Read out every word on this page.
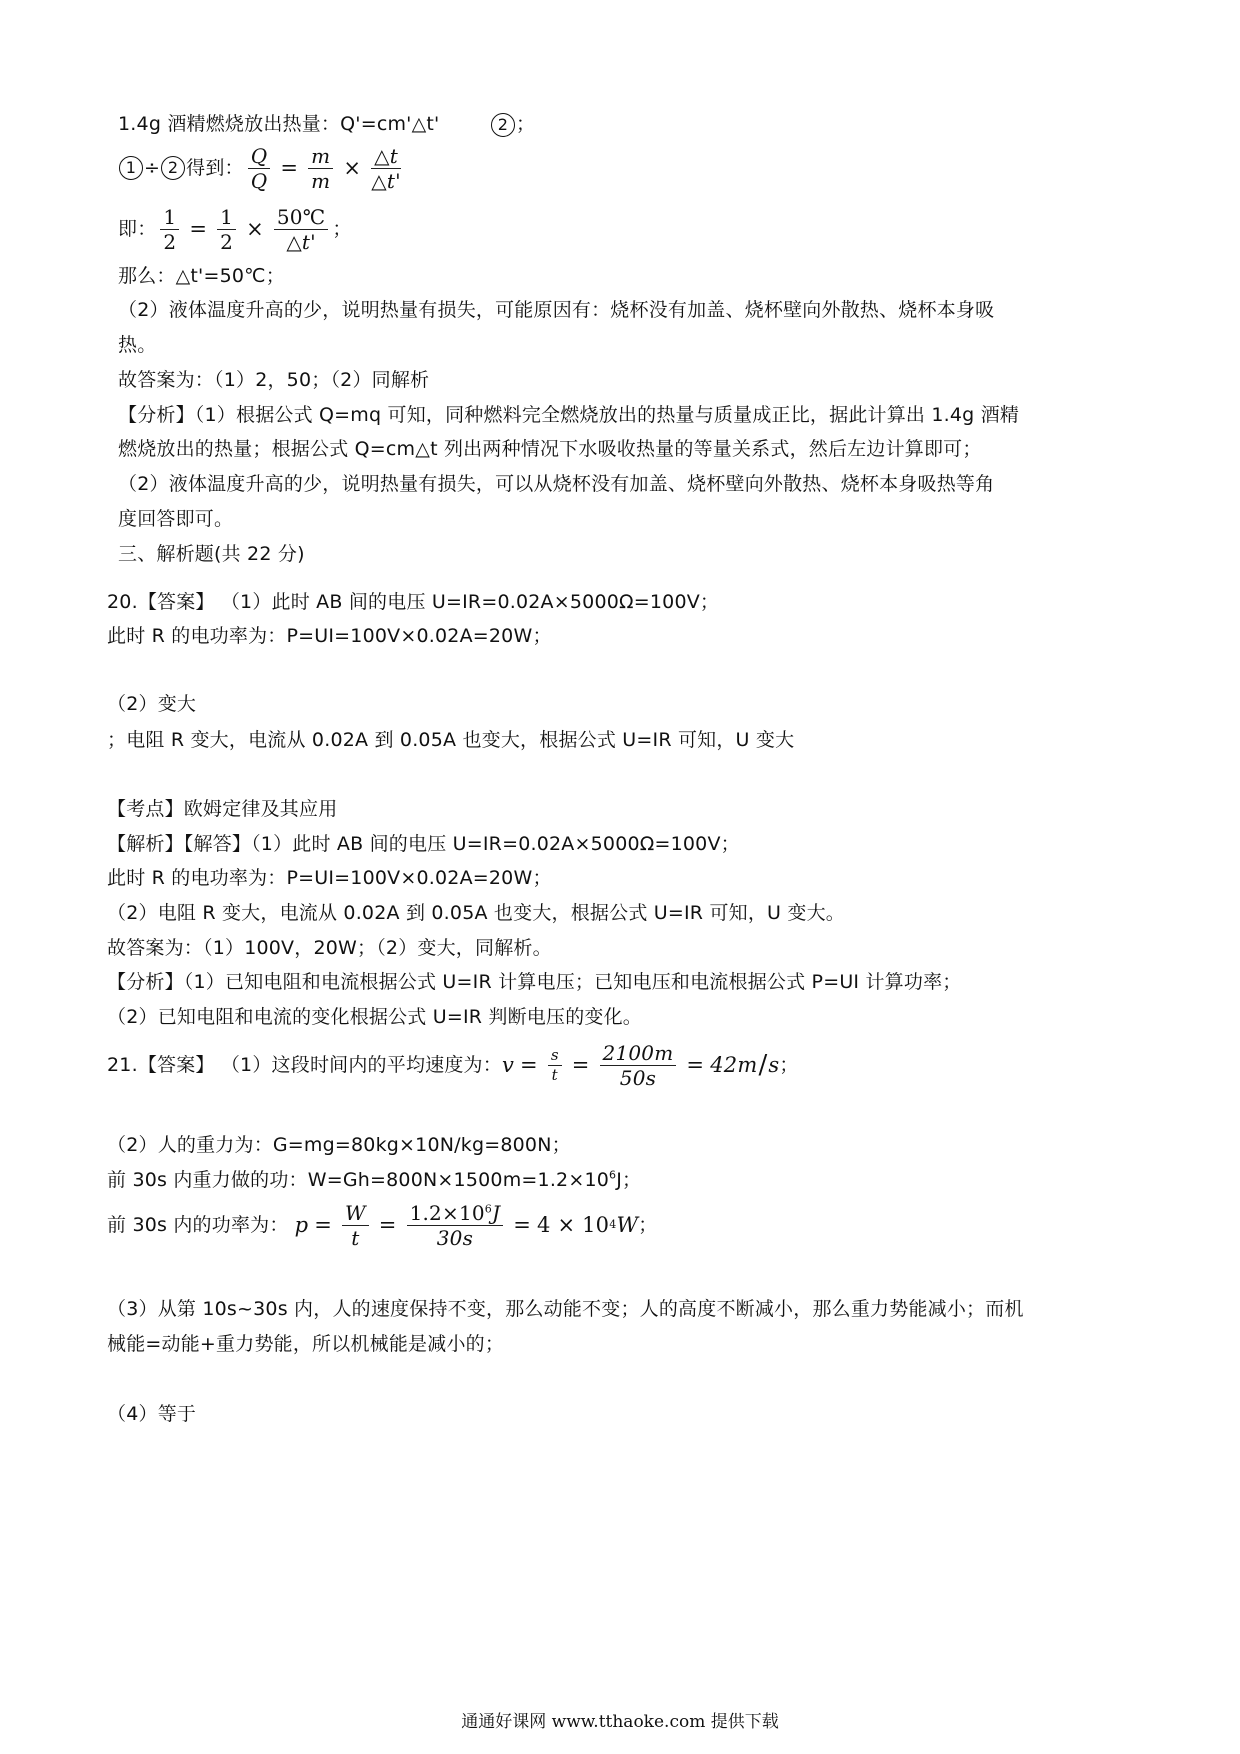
1.4g 酒精燃烧放出热量：Q'=cm'△t'	2 ；
1 ÷ 2 得到： $\frac{Q}{Q} = \frac{m}{m} \times \frac{\triangle t}{\triangle t'}$
即： $\frac{1}{2} = \frac{1}{2} \times \frac{50℃}{\triangle t'}$ ；
那么：△t'=50℃；
（2）液体温度升高的少，说明热量有损失，可能原因有：烧杯没有加盖、烧杯壁向外散热、烧杯本身吸
热。
故答案为：（1）2，50；（2）同解析
【分析】（1）根据公式 Q=mq 可知，同种燃料完全燃烧放出的热量与质量成正比，据此计算出 1.4g 酒精
燃烧放出的热量；根据公式 Q=cm△t 列出两种情况下水吸收热量的等量关系式，然后左边计算即可；
（2）液体温度升高的少，说明热量有损失，可以从烧杯没有加盖、烧杯壁向外散热、烧杯本身吸热等角
度回答即可。
三、解析题(共 22 分)
20.【答案】 （1）此时 AB 间的电压 U=IR=0.02A×5000Ω=100V；
此时 R 的电功率为：P=UI=100V×0.02A=20W；
（2）变大
；电阻 R 变大，电流从 0.02A 到 0.05A 也变大，根据公式 U=IR 可知，U 变大
【考点】欧姆定律及其应用
【解析】【解答】（1）此时 AB 间的电压 U=IR=0.02A×5000Ω=100V；
此时 R 的电功率为：P=UI=100V×0.02A=20W；
（2）电阻 R 变大，电流从 0.02A 到 0.05A 也变大，根据公式 U=IR 可知，U 变大。
故答案为：（1）100V，20W；（2）变大，同解析。
【分析】（1）已知电阻和电流根据公式 U=IR 计算电压；已知电压和电流根据公式 P=UI 计算功率；
（2）已知电阻和电流的变化根据公式 U=IR 判断电压的变化。
21.【答案】 （1）这段时间内的平均速度为： $v = \frac{s}{t} = \frac{2100m}{50s} = 42m / s$ ；
（2）人的重力为：G=mg=80kg×10N/kg=800N；
前 30s 内重力做的功：$W=Gh=800N\times 1500m=1.2\times 10^6J$；
前 30s 内的功率为： $p = \frac{W}{t} = \frac{1.2\times 10^6J}{30s} = 4 \times 10$ 4 W ；
（3）从第 10s~30s 内，人的速度保持不变，那么动能不变；人的高度不断减小，那么重力势能减小；而机
械能=动能+重力势能，所以机械能是减小的；
（4）等于
通通好课网 www.tthaoke.com 提供下载
